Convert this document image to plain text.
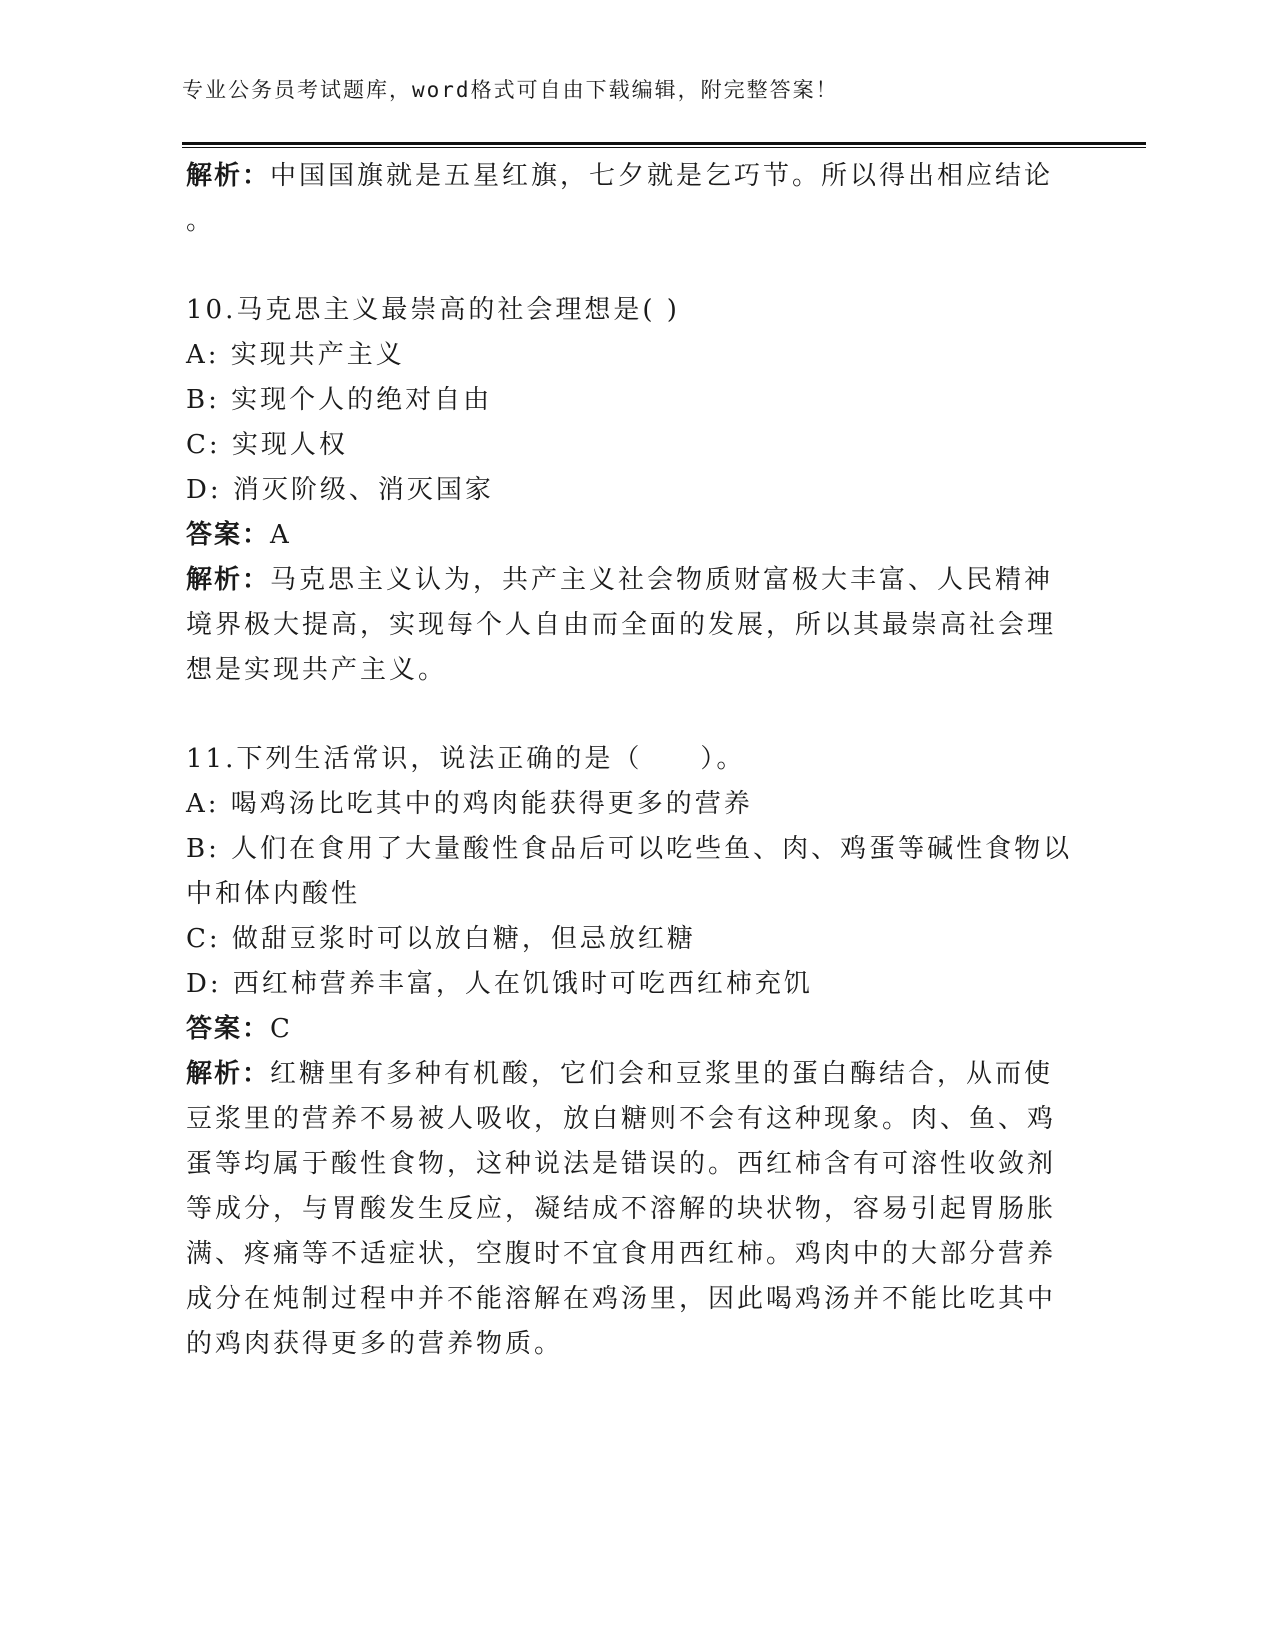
专业公务员考试题库，word格式可自由下载编辑，附完整答案！
解析：中国国旗就是五星红旗，七夕就是乞巧节。所以得出相应结论
。
10.马克思主义最崇高的社会理想是( )
A: 实现共产主义
B: 实现个人的绝对自由
C: 实现人权
D: 消灭阶级、消灭国家
答案：A
解析：马克思主义认为，共产主义社会物质财富极大丰富、人民精神
境界极大提高，实现每个人自由而全面的发展，所以其最崇高社会理
想是实现共产主义。
11.下列生活常识，说法正确的是（　　）。
A: 喝鸡汤比吃其中的鸡肉能获得更多的营养
B: 人们在食用了大量酸性食品后可以吃些鱼、肉、鸡蛋等碱性食物以
中和体内酸性
C: 做甜豆浆时可以放白糖，但忌放红糖
D: 西红柿营养丰富，人在饥饿时可吃西红柿充饥
答案：C
解析：红糖里有多种有机酸，它们会和豆浆里的蛋白酶结合，从而使
豆浆里的营养不易被人吸收，放白糖则不会有这种现象。肉、鱼、鸡
蛋等均属于酸性食物，这种说法是错误的。西红柿含有可溶性收敛剂
等成分，与胃酸发生反应，凝结成不溶解的块状物，容易引起胃肠胀
满、疼痛等不适症状，空腹时不宜食用西红柿。鸡肉中的大部分营养
成分在炖制过程中并不能溶解在鸡汤里，因此喝鸡汤并不能比吃其中
的鸡肉获得更多的营养物质。
